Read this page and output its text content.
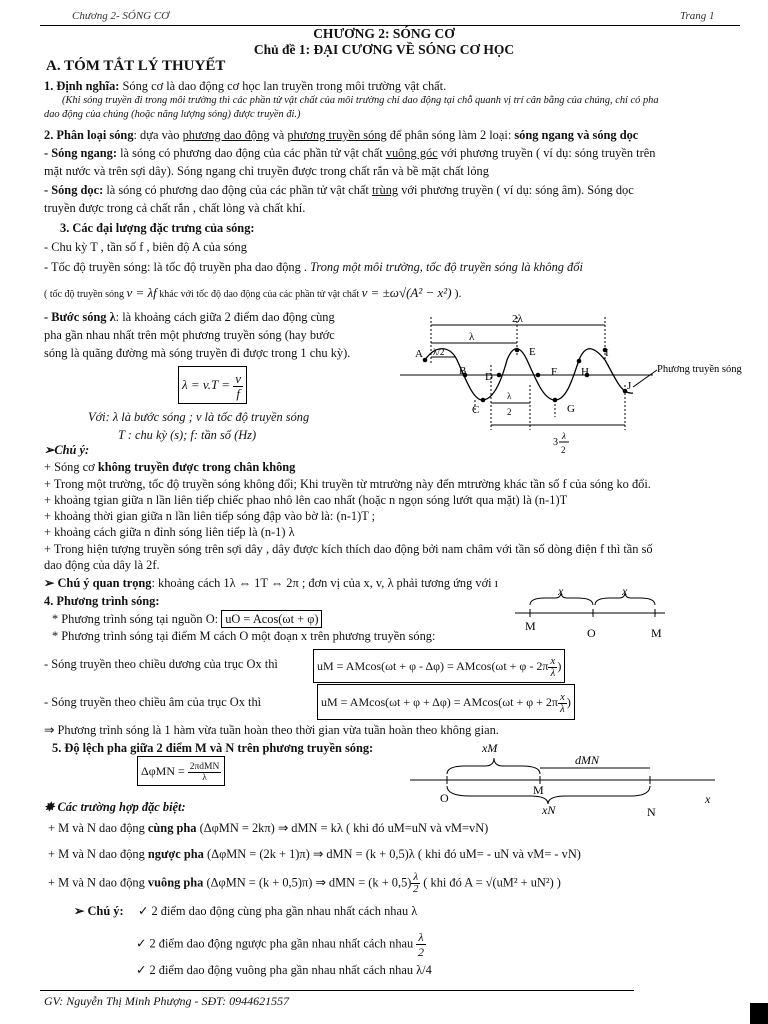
Chương 2- SÓNG CƠ	Trang 1
CHƯƠNG 2: SÓNG CƠ
Chủ đề 1: ĐẠI CƯƠNG VỀ SÓNG CƠ HỌC
A. TÓM TẮT LÝ THUYẾT
1. Định nghĩa: Sóng cơ là dao động cơ học lan truyền trong môi trường vật chất.
(Khi sóng truyền đi trong môi trường thì các phần tử vật chất của môi trường chỉ dao động tại chỗ quanh vị trí cân bằng của chúng, chỉ có pha
dao động của chúng (hoặc năng lượng sóng) được truyền đi.)
2. Phân loại sóng: dựa vào phương dao động và phương truyền sóng để phân sóng làm 2 loại: sóng ngang và sóng dọc
- Sóng ngang: là sóng có phương dao động của các phần tử vật chất vuông góc với phương truyền ( ví dụ: sóng truyền trên
mặt nước và trên sợi dây). Sóng ngang chỉ truyền được trong chất rắn và bề mặt chất lỏng
- Sóng dọc: là sóng có phương dao động của các phần tử vật chất trùng với phương truyền ( ví dụ: sóng âm). Sóng dọc
truyền được trong cả chất rắn , chất lỏng và chất khí.
3. Các đại lượng đặc trưng của sóng:
- Chu kỳ T , tần số f , biên độ A của sóng
- Tốc độ truyền sóng: là tốc độ truyền pha dao động . Trong một môi trường, tốc độ truyền sóng là không đổi
( tốc độ truyền sóng v = λf khác với tốc độ dao động của các phần tử vật chất v = ±ω√(A² − x²) ).
- Bước sóng λ: là khoảng cách giữa 2 điểm dao động cùng
pha gần nhau nhất trên một phương truyền sóng (hay bước
sóng là quãng đường mà sóng truyền đi được trong 1 chu kỳ).
$\lambda = v.T = \frac{v}{f}$
Với: λ là bước sóng ; v là tốc độ truyền sóng
T : chu kỳ (s); f: tần số (Hz)
A
B
C
D
E
F
G
H
I
J
2λ
λ
λ/2
λ
2
3
λ
2
Phương truyền sóng
➢Chú ý:
+ Sóng cơ không truyền được trong chân không
+ Trong một trường, tốc độ truyền sóng không đổi; Khi truyền từ mtrường này đến mtrường khác tần số f của sóng ko đổi.
+ khoảng tgian giữa n lần liên tiếp chiếc phao nhô lên cao nhất (hoặc n ngọn sóng lướt qua mặt) là (n-1)T
+ khoảng thời gian giữa n lần liên tiếp sóng đập vào bờ là: (n-1)T ;
+ khoảng cách giữa n đỉnh sóng liên tiếp là (n-1) λ
+ Trong hiện tượng truyền sóng trên sợi dây , dây được kích thích dao động bởi nam châm với tần số dòng điện f thì tần số
dao động của dây là 2f.
➢ Chú ý quan trọng: khoảng cách 1λ ⇔ 1T ⇔ 2π ; đơn vị của x, v, λ phải tương ứng với ı
4. Phương trình sóng:
* Phương trình sóng tại nguồn O: uO = Acos(ωt + φ)
* Phương trình sóng tại điểm M cách O một đoạn x trên phương truyền sóng:
x	x
M	O	M
- Sóng truyền theo chiều dương của trục Ox thì	uM = $AMcos(\omega t + \varphi - \Delta\varphi) = AMcos(\omega t + \varphi - 2\pi \frac{x}{\lambda}$ )
- Sóng truyền theo chiều âm của trục Ox thì	uM = $AMcos(\omega t + \varphi + \Delta\varphi) = AMcos(\omega t + \varphi + 2\pi \frac{x}{\lambda}$ )
⇒ Phương trình sóng là 1 hàm vừa tuần hoàn theo thời gian vừa tuần hoàn theo không gian.
5. Độ lệch pha giữa 2 điểm M và N trên phương truyền sóng:
$\Delta\varphi MN = \frac{\text{2πdMN}}{\lambda}$
xM
dMN
O
M
xN	N
x
✸ Các trường hợp đặc biệt:
+ M và N dao động cùng pha (ΔφMN = 2kπ) ⇒ dMN = kλ ( khi đó uM=uN và vM=vN)
+ M và N dao động ngược pha (ΔφMN = (2k + 1)π) ⇒ dMN = (k + 0,5)λ ( khi đó uM= - uN và vM= - vN)
+ M và N dao động vuông pha (ΔφMN = (k + 0,5)π) ⇒ dMN = $(k + 0,5) \frac{\lambda}{2}$ ( khi đó A = √(uM² + uN²) )
➢ Chú ý: ✓ 2 điểm dao động cùng pha gần nhau nhất cách nhau λ
✓ 2 điểm dao động ngược pha gần nhau nhất cách nhau $\frac{\lambda}{2}$
✓ 2 điểm dao động vuông pha gần nhau nhất cách nhau λ/4
GV: Nguyễn Thị Minh Phượng - SĐT: 0944621557
